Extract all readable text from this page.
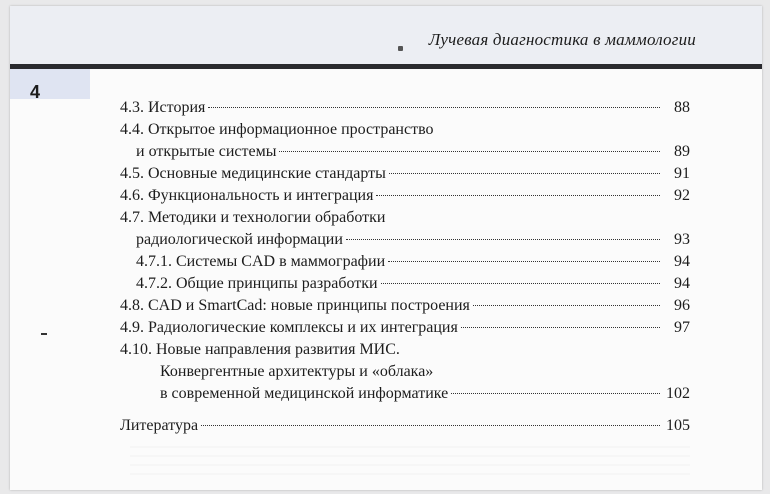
Лучевая диагностика в маммологии
4
4.3. История	88
4.4. Открытое информационное пространство
и открытые системы	89
4.5. Основные медицинские стандарты	91
4.6. Функциональность и интеграция	92
4.7. Методики и технологии обработки
радиологической информации	93
4.7.1. Системы CAD в маммографии	94
4.7.2. Общие принципы разработки	94
4.8. CAD и SmartCad: новые принципы построения	96
4.9. Радиологические комплексы и их интеграция	97
4.10. Новые направления развития МИС.
Конвергентные архитектуры и «облака»
в современной медицинской информатике	102
Литература	105
